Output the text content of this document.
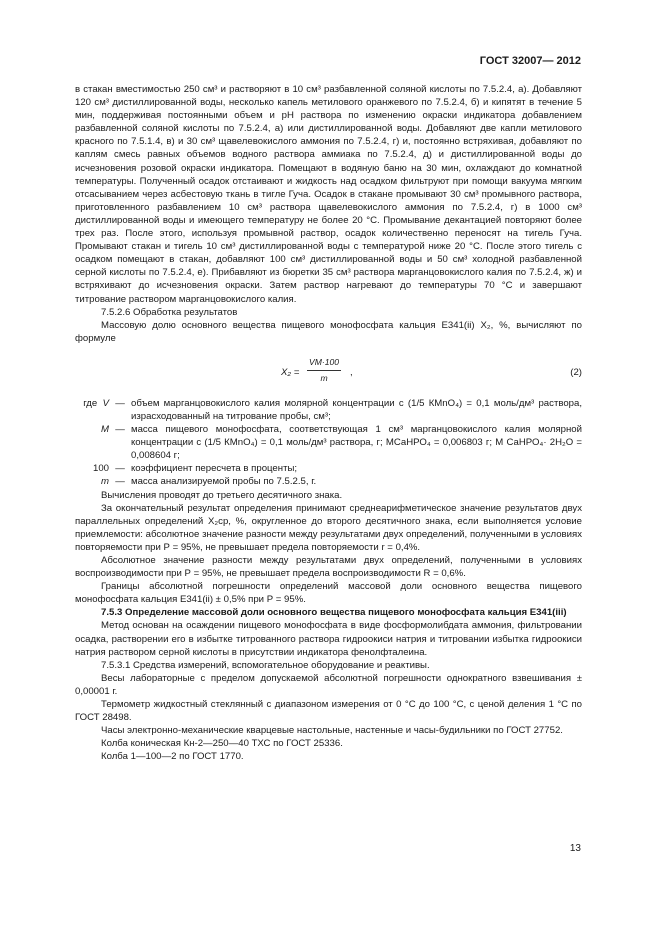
ГОСТ 32007— 2012

в стакан вместимостью 250 см³ и растворяют в 10 см³ разбавленной соляной кислоты по 7.5.2.4, а). Добавляют 120 см³ дистиллированной воды, несколько капель метилового оранжевого по 7.5.2.4, б) и кипятят в течение 5 мин, поддерживая постоянными объем и рН раствора по изменению окраски индикатора добавлением разбавленной соляной кислоты по 7.5.2.4, а) или дистиллированной воды. Добавляют две капли метилового красного по 7.5.1.4, в) и 30 см³ щавелевокислого аммония по 7.5.2.4, г) и, постоянно встряхивая, добавляют по каплям смесь равных объемов водного раствора аммиака по 7.5.2.4, д) и дистиллированной воды до исчезновения розовой окраски индикатора. Помещают в водяную баню на 30 мин, охлаждают до комнатной температуры. Полученный осадок отстаивают и жидкость над осадком фильтруют при помощи вакуума мягким отсасыванием через асбестовую ткань в тигле Гуча. Осадок в стакане промывают 30 см³ промывного раствора, приготовленного разбавлением 10 см³ раствора щавелевокислого аммония по 7.5.2.4, г) в 1000 см³ дистиллированной воды и имеющего температуру не более 20 °С. Промывание декантацией повторяют более трех раз. После этого, используя промывной раствор, осадок количественно переносят на тигель Гуча. Промывают стакан и тигель 10 см³ дистиллированной воды с температурой ниже 20 °С. После этого тигель с осадком помещают в стакан, добавляют 100 см³ дистиллированной воды и 50 см³ холодной разбавленной серной кислоты по 7.5.2.4, е). Прибавляют из бюретки 35 см³ раствора марганцовокислого калия по 7.5.2.4, ж) и встряхивают до исчезновения окраски. Затем раствор нагревают до температуры 70 °С и завершают титрование раствором марганцовокислого калия.

7.5.2.6 Обработка результатов

Массовую долю основного вещества пищевого монофосфата кальция Е341(ii) X₂, %, вычисляют по формуле

$X_2 = \frac{VM\cdot 100}{m}$ ,	(2)
где V — объем марганцовокислого калия молярной концентрации с (1/5 КМnО₄) = 0,1 моль/дм³ раствора, израсходованный на титрование пробы, см³;
М — масса пищевого монофосфата, соответствующая 1 см³ марганцовокислого калия молярной концентрации с (1/5 КМnО₄) = 0,1 моль/дм³ раствора, г; МСаНРО₄ = 0,006803 г; М СаНРО₄· 2Н₂О = 0,008604 г;
100 — коэффициент пересчета в проценты;
m — масса анализируемой пробы по 7.5.2.5, г.

Вычисления проводят до третьего десятичного знака.

За окончательный результат определения принимают среднеарифметическое значение результатов двух параллельных определений X₂ср, %, округленное до второго десятичного знака, если выполняется условие приемлемости: абсолютное значение разности между результатами двух определений, полученными в условиях повторяемости при Р = 95%, не превышает предела повторяемости r = 0,4%.

Абсолютное значение разности между результатами двух определений, полученными в условиях воспроизводимости при Р = 95%, не превышает предела воспроизводимости R = 0,6%.

Границы абсолютной погрешности определений массовой доли основного вещества пищевого монофосфата кальция Е341(ii) ± 0,5% при Р = 95%.

7.5.3 Определение массовой доли основного вещества пищевого монофосфата кальция Е341(iii)

Метод основан на осаждении пищевого монофосфата в виде фосформолибдата аммония, фильтровании осадка, растворении его в избытке титрованного раствора гидроокиси натрия и титровании избытка гидроокиси натрия раствором серной кислоты в присутствии индикатора фенолфталеина.

7.5.3.1 Средства измерений, вспомогательное оборудование и реактивы.

Весы лабораторные с пределом допускаемой абсолютной погрешности однократного взвешивания ± 0,00001 г.

Термометр жидкостный стеклянный с диапазоном измерения от 0 °С до 100 °С, с ценой деления 1 °С по ГОСТ 28498.

Часы электронно-механические кварцевые настольные, настенные и часы-будильники по ГОСТ 27752.

Колба коническая Кн-2—250—40 ТХС по ГОСТ 25336.

Колба 1—100—2 по ГОСТ 1770.

13
